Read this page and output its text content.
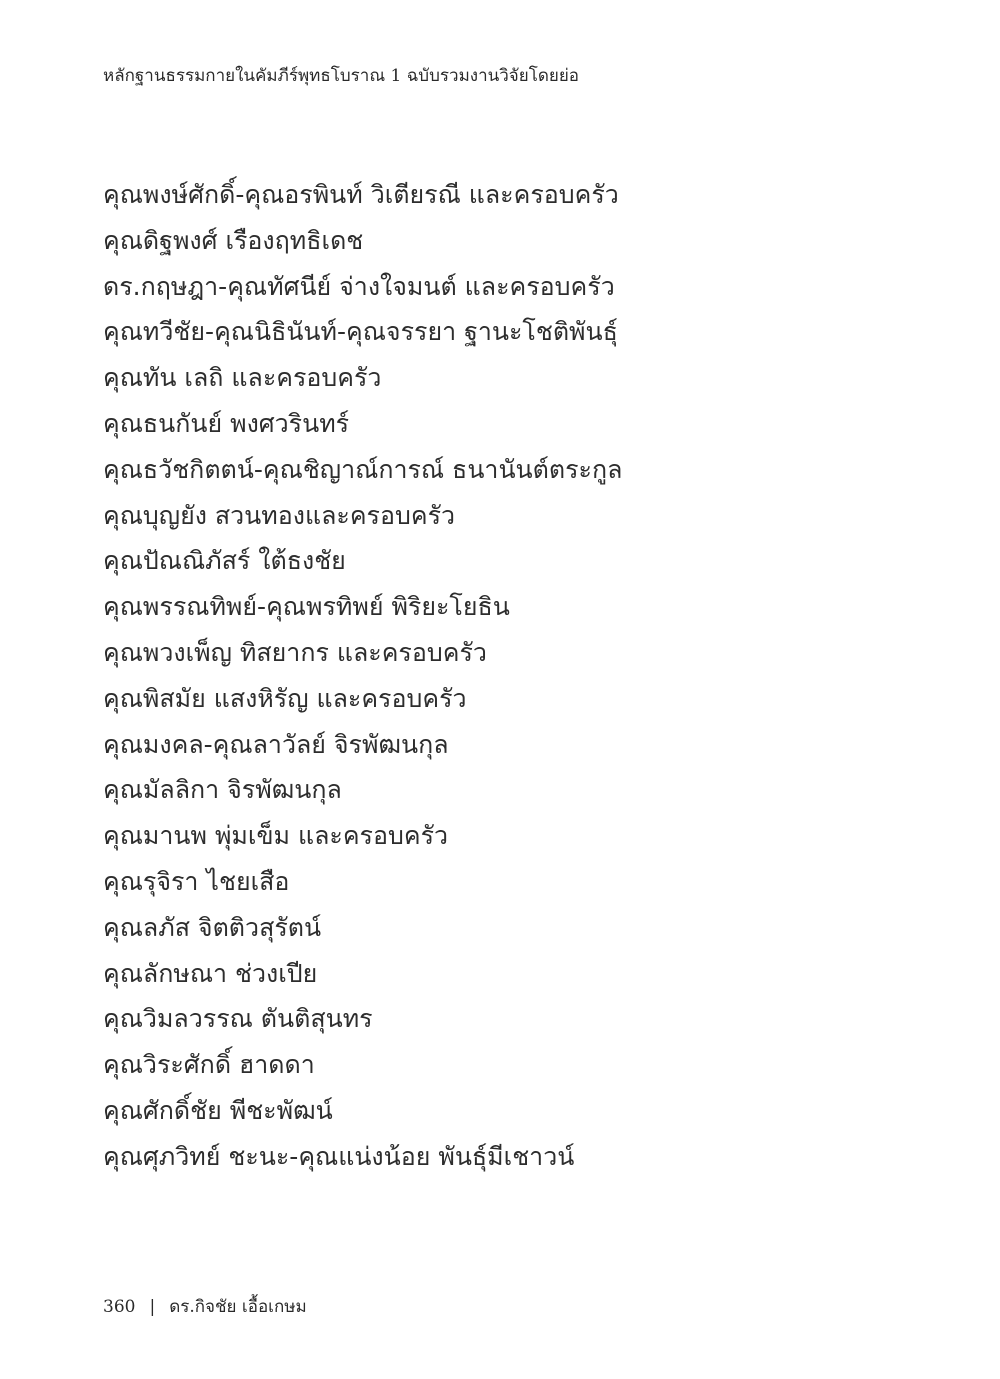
หลักฐานธรรมกายในคัมภีร์พุทธโบราณ 1 ฉบับรวมงานวิจัยโดยย่อ
คุณพงษ์ศักดิ์-คุณอรพินท์ วิเตียรณี และครอบครัว
คุณดิฐพงศ์ เรืองฤทธิเดช
ดร.กฤษฎา-คุณทัศนีย์ จ่างใจมนต์ และครอบครัว
คุณทวีชัย-คุณนิธินันท์-คุณจรรยา ฐานะโชติพันธุ์
คุณทัน เลถิ และครอบครัว
คุณธนกันย์ พงศวรินทร์
คุณธวัชกิตตน์-คุณชิญาณ์การณ์ ธนานันต์ตระกูล
คุณบุญยัง สวนทองและครอบครัว
คุณปัณณิภัสร์ ใต้ธงชัย
คุณพรรณทิพย์-คุณพรทิพย์ พิริยะโยธิน
คุณพวงเพ็ญ ทิสยากร และครอบครัว
คุณพิสมัย แสงหิรัญ และครอบครัว
คุณมงคล-คุณลาวัลย์ จิรพัฒนกุล
คุณมัลลิกา จิรพัฒนกุล
คุณมานพ พุ่มเข็ม และครอบครัว
คุณรุจิรา ไชยเสือ
คุณลภัส จิตติวสุรัตน์
คุณลักษณา ช่วงเปีย
คุณวิมลวรรณ ตันติสุนทร
คุณวิระศักดิ์ ฮาดดา
คุณศักดิ์ชัย พีชะพัฒน์
คุณศุภวิทย์ ชะนะ-คุณแน่งน้อย พันธุ์มีเชาวน์
360 | ดร.กิจชัย เอื้อเกษม
